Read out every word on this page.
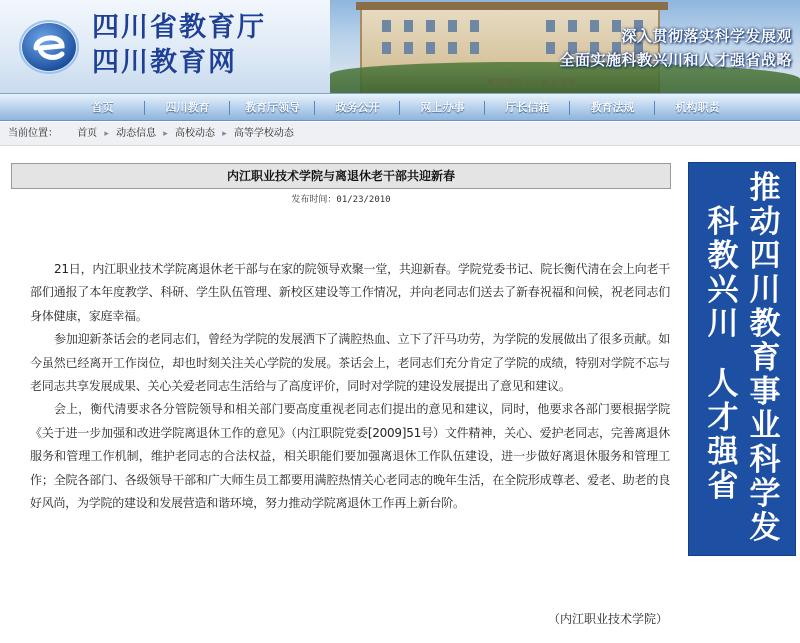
郫江锦市十一届文学学
四川省教育厅
四川教育网
深入贯彻落实科学发展观
全面实施科教兴川和人才强省战略
首页	四川教育	教育厅领导	政务公开	网上办事	厅长信箱	教育法规	机构职责
当前位置： 首页 ▸ 动态信息 ▸ 高校动态 ▸ 高等学校动态
内江职业技术学院与离退休老干部共迎新春
发布时间：01/23/2010

21日，内江职业技术学院离退休老干部与在家的院领导欢聚一堂，共迎新春。学院党委书记、院长衡代清在会上向老干部们通报了本年度教学、科研、学生队伍管理、新校区建设等工作情况，并向老同志们送去了新春祝福和问候，祝老同志们身体健康，家庭幸福。

参加迎新茶话会的老同志们，曾经为学院的发展洒下了满腔热血、立下了汗马功劳，为学院的发展做出了很多贡献。如今虽然已经离开工作岗位，却也时刻关注关心学院的发展。茶话会上，老同志们充分肯定了学院的成绩，特别对学院不忘与老同志共享发展成果、关心关爱老同志生活给与了高度评价，同时对学院的建设发展提出了意见和建议。

会上，衡代清要求各分管院领导和相关部门要高度重视老同志们提出的意见和建议，同时，他要求各部门要根据学院《关于进一步加强和改进学院离退休工作的意见》（内江职院党委[2009]51号）文件精神，关心、爱护老同志，完善离退休服务和管理工作机制，维护老同志的合法权益，相关职能们要加强离退休工作队伍建设，进一步做好离退休服务和管理工作；全院各部门、各级领导干部和广大师生员工都要用满腔热情关心老同志的晚年生活，在全院形成尊老、爱老、助老的良好风尚，为学院的建设和发展营造和谐环境，努力推动学院离退休工作再上新台阶。

（内江职业技术学院）
推
动
四
川
教
育
事
业
科
学
发
科
教
兴
川
人
才
强
省
